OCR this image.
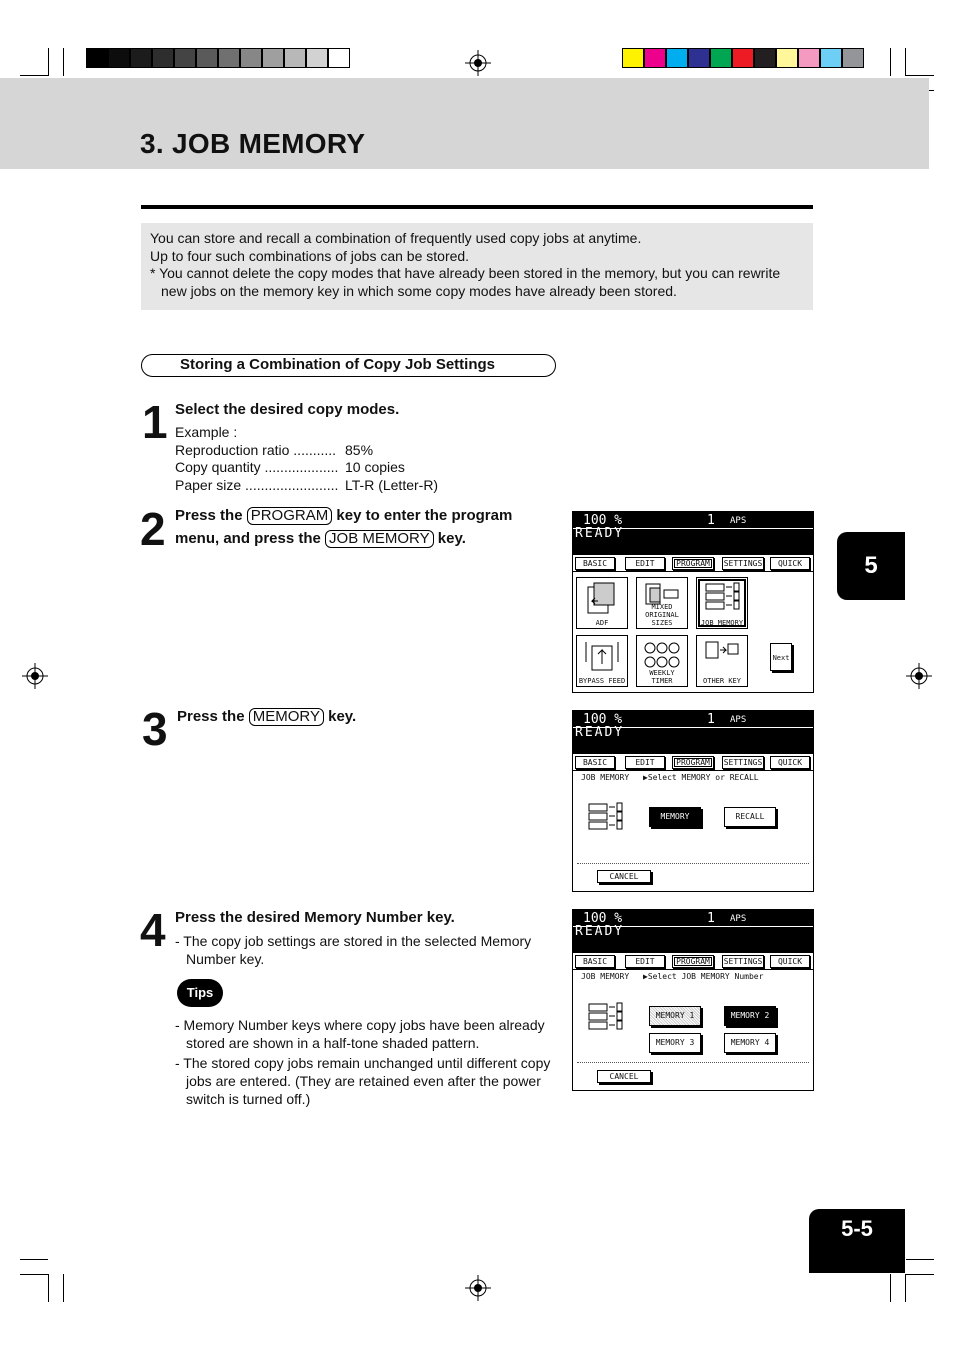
3. JOB MEMORY
You can store and recall a combination of frequently used copy jobs at anytime.
Up to four such combinations of jobs can be stored.
* You cannot delete the copy modes that have already been stored in the memory, but you can rewrite
new jobs on the memory key in which some copy modes have already been stored.
Storing a Combination of Copy Job Settings
1 Select the desired copy modes.
Example :
Reproduction ratio ........... 85%
Copy quantity ................... 10 copies
Paper size ........................ LT-R (Letter-R)
2 Press the PROGRAM key to enter the program
menu, and press the JOB MEMORY key.
3 Press the MEMORY key.
4 Press the desired Memory Number key.
- The copy job settings are stored in the selected Memory
Number key.
Tips
- Memory Number keys where copy jobs have been already
stored are shown in a half-tone shaded pattern.
- The stored copy jobs remain unchanged until different copy
jobs are entered. (They are retained even after the power
switch is turned off.)
100 %	1 APS
READY
BASIC	EDIT	PROGRAM	SETTINGS	QUICK
ADF
MIXED ORIGINAL SIZES	JOB MEMORY
BYPASS FEED
WEEKLY TIMER	OTHER KEY
Next
100 %	1 APS
READY
BASIC	EDIT	PROGRAM	SETTINGS	QUICK
JOB MEMORY ▶Select MEMORY or RECALL
MEMORY	RECALL
CANCEL
100 %	1 APS
READY
BASIC	EDIT	PROGRAM	SETTINGS	QUICK
JOB MEMORY ▶Select JOB MEMORY Number
MEMORY 1	MEMORY 2
MEMORY 3	MEMORY 4
CANCEL
5
5-5
